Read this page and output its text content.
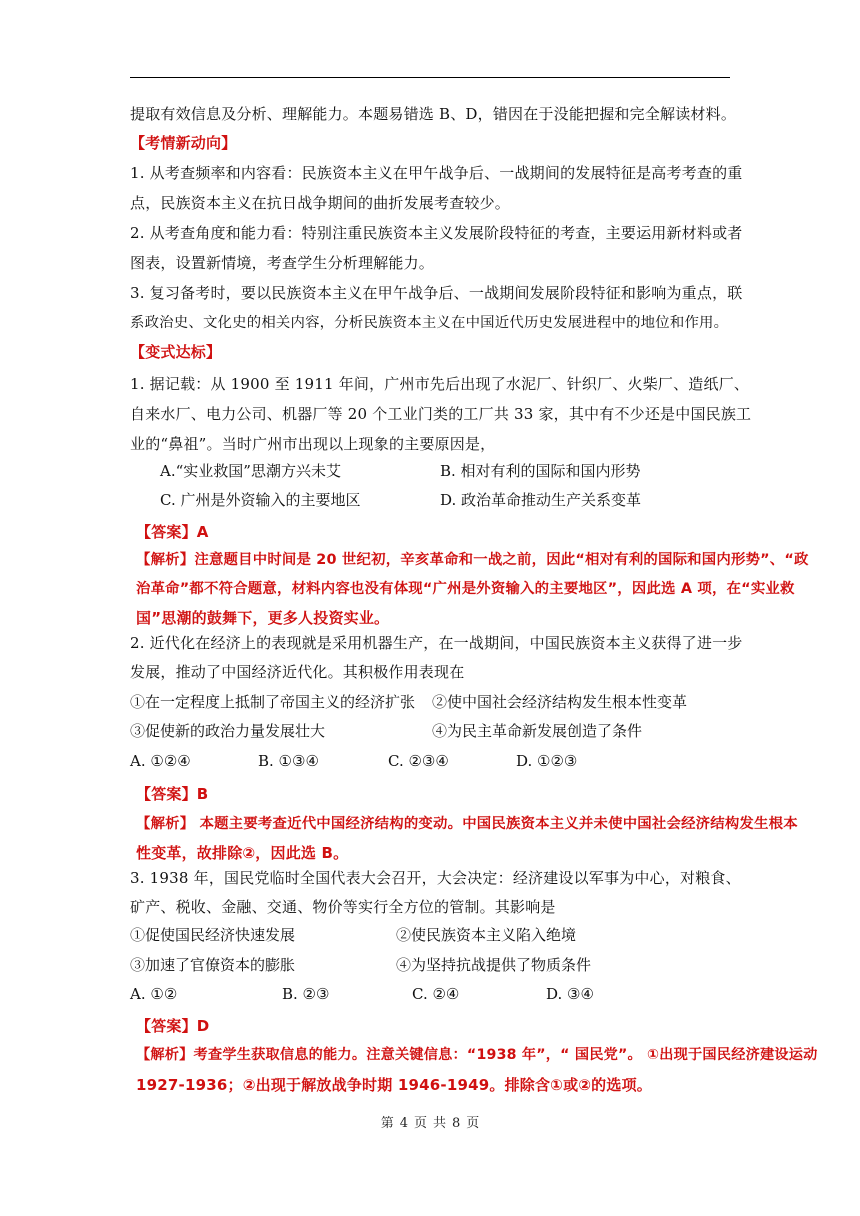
提取有效信息及分析、理解能力。本题易错选 B、D，错因在于没能把握和完全解读材料。
【考情新动向】
1. 从考查频率和内容看：民族资本主义在甲午战争后、一战期间的发展特征是高考考查的重
点，民族资本主义在抗日战争期间的曲折发展考查较少。
2. 从考查角度和能力看：特别注重民族资本主义发展阶段特征的考查，主要运用新材料或者
图表，设置新情境，考查学生分析理解能力。
3. 复习备考时，要以民族资本主义在甲午战争后、一战期间发展阶段特征和影响为重点，联
系政治史、文化史的相关内容，分析民族资本主义在中国近代历史发展进程中的地位和作用。
【变式达标】
1. 据记载：从 1900 至 1911 年间，广州市先后出现了水泥厂、针织厂、火柴厂、造纸厂、
自来水厂、电力公司、机器厂等 20 个工业门类的工厂共 33 家，其中有不少还是中国民族工
业的“鼻祖”。当时广州市出现以上现象的主要原因是，
A.“实业救国”思潮方兴未艾	B. 相对有利的国际和国内形势
C. 广州是外资输入的主要地区	D. 政治革命推动生产关系变革
【答案】A
【解析】注意题目中时间是 20 世纪初，辛亥革命和一战之前，因此“相对有利的国际和国内形势”、“政
治革命”都不符合题意，材料内容也没有体现“广州是外资输入的主要地区”，因此选 A 项，在“实业救
国”思潮的鼓舞下，更多人投资实业。
2. 近代化在经济上的表现就是采用机器生产，在一战期间，中国民族资本主义获得了进一步
发展，推动了中国经济近代化。其积极作用表现在
①在一定程度上抵制了帝国主义的经济扩张 ②使中国社会经济结构发生根本性变革
③促使新的政治力量发展壮大	④为民主革命新发展创造了条件
A. ①②④	B. ①③④	C. ②③④	D. ①②③
【答案】B
【解析】 本题主要考查近代中国经济结构的变动。中国民族资本主义并未使中国社会经济结构发生根本
性变革，故排除②，因此选 B。
3. 1938 年，国民党临时全国代表大会召开，大会决定：经济建设以军事为中心，对粮食、
矿产、税收、金融、交通、物价等实行全方位的管制。其影响是
①促使国民经济快速发展	②使民族资本主义陷入绝境
③加速了官僚资本的膨胀	④为坚持抗战提供了物质条件
A. ①②	B. ②③	C. ②④	D. ③④
【答案】D
【解析】考查学生获取信息的能力。注意关键信息：“1938 年”，“ 国民党”。 ①出现于国民经济建设运动
1927-1936；②出现于解放战争时期 1946-1949。排除含①或②的选项。
第 4 页 共 8 页
